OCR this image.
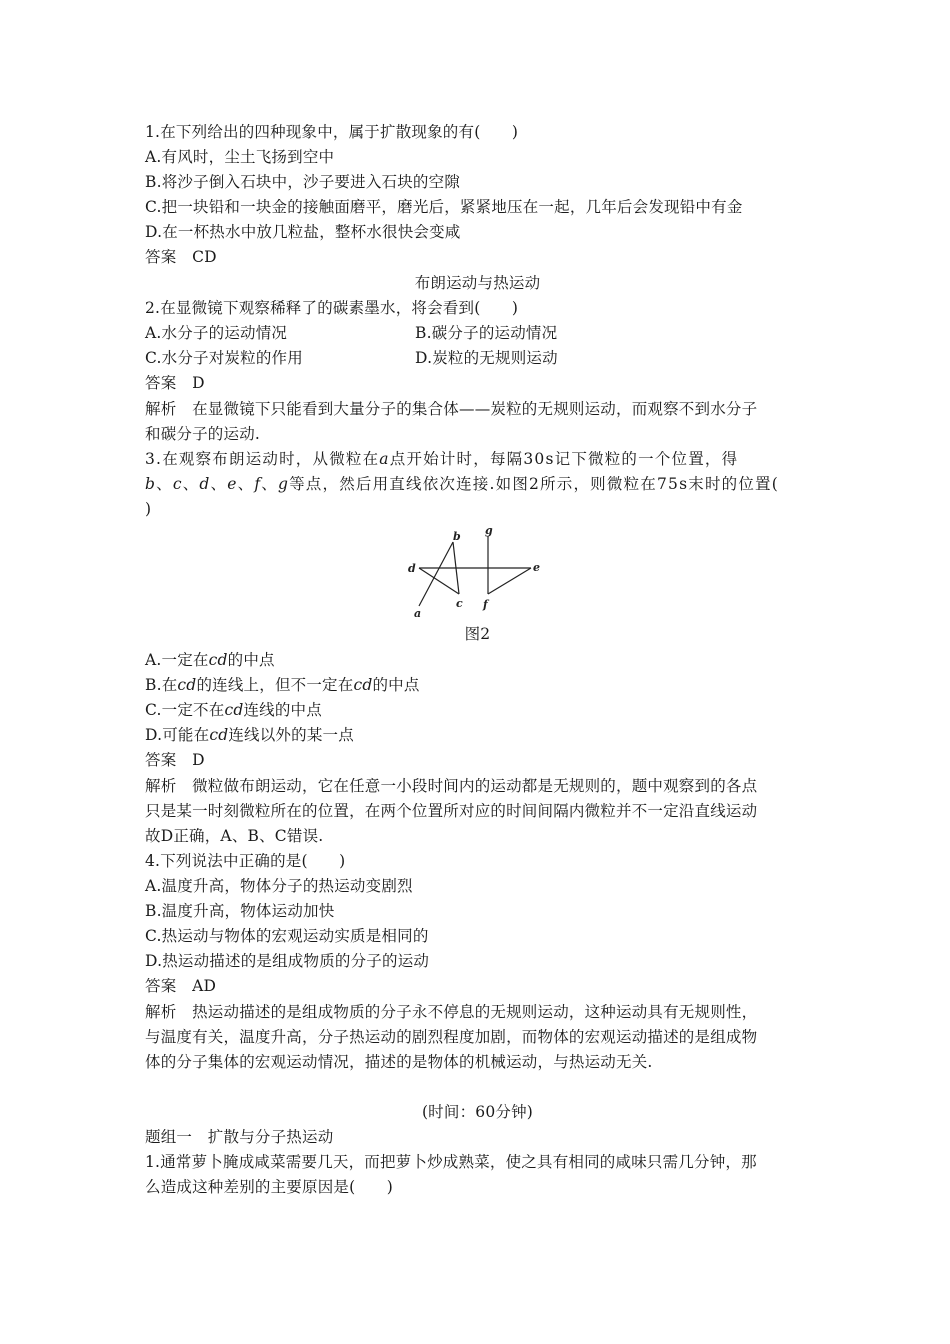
1.在下列给出的四种现象中，属于扩散现象的有(　　)
A.有风时，尘土飞扬到空中
B.将沙子倒入石块中，沙子要进入石块的空隙
C.把一块铅和一块金的接触面磨平，磨光后，紧紧地压在一起，几年后会发现铅中有金
D.在一杯热水中放几粒盐，整杯水很快会变咸
答案　CD
布朗运动与热运动
2.在显微镜下观察稀释了的碳素墨水，将会看到(　　)
A.水分子的运动情况	B.碳分子的运动情况
C.水分子对炭粒的作用	D.炭粒的无规则运动
答案　D
解析　在显微镜下只能看到大量分子的集合体——炭粒的无规则运动，而观察不到水分子
和碳分子的运动.
3.在观察布朗运动时，从微粒在a点开始计时，每隔30s记下微粒的一个位置，得
b、c、d、e、f、g等点，然后用直线依次连接.如图2所示，则微粒在75s末时的位置(
)
a
b
c
d	e
f
g
图2
A.一定在cd的中点
B.在cd的连线上，但不一定在cd的中点
C.一定不在cd连线的中点
D.可能在cd连线以外的某一点
答案　D
解析　微粒做布朗运动，它在任意一小段时间内的运动都是无规则的，题中观察到的各点
只是某一时刻微粒所在的位置，在两个位置所对应的时间间隔内微粒并不一定沿直线运动
故D正确，A、B、C错误.
4.下列说法中正确的是(　　)
A.温度升高，物体分子的热运动变剧烈
B.温度升高，物体运动加快
C.热运动与物体的宏观运动实质是相同的
D.热运动描述的是组成物质的分子的运动
答案　AD
解析　热运动描述的是组成物质的分子永不停息的无规则运动，这种运动具有无规则性，
与温度有关，温度升高，分子热运动的剧烈程度加剧，而物体的宏观运动描述的是组成物
体的分子集体的宏观运动情况，描述的是物体的机械运动，与热运动无关.
(时间：60分钟)
题组一　扩散与分子热运动
1.通常萝卜腌成咸菜需要几天，而把萝卜炒成熟菜，使之具有相同的咸味只需几分钟，那
么造成这种差别的主要原因是(　　)
